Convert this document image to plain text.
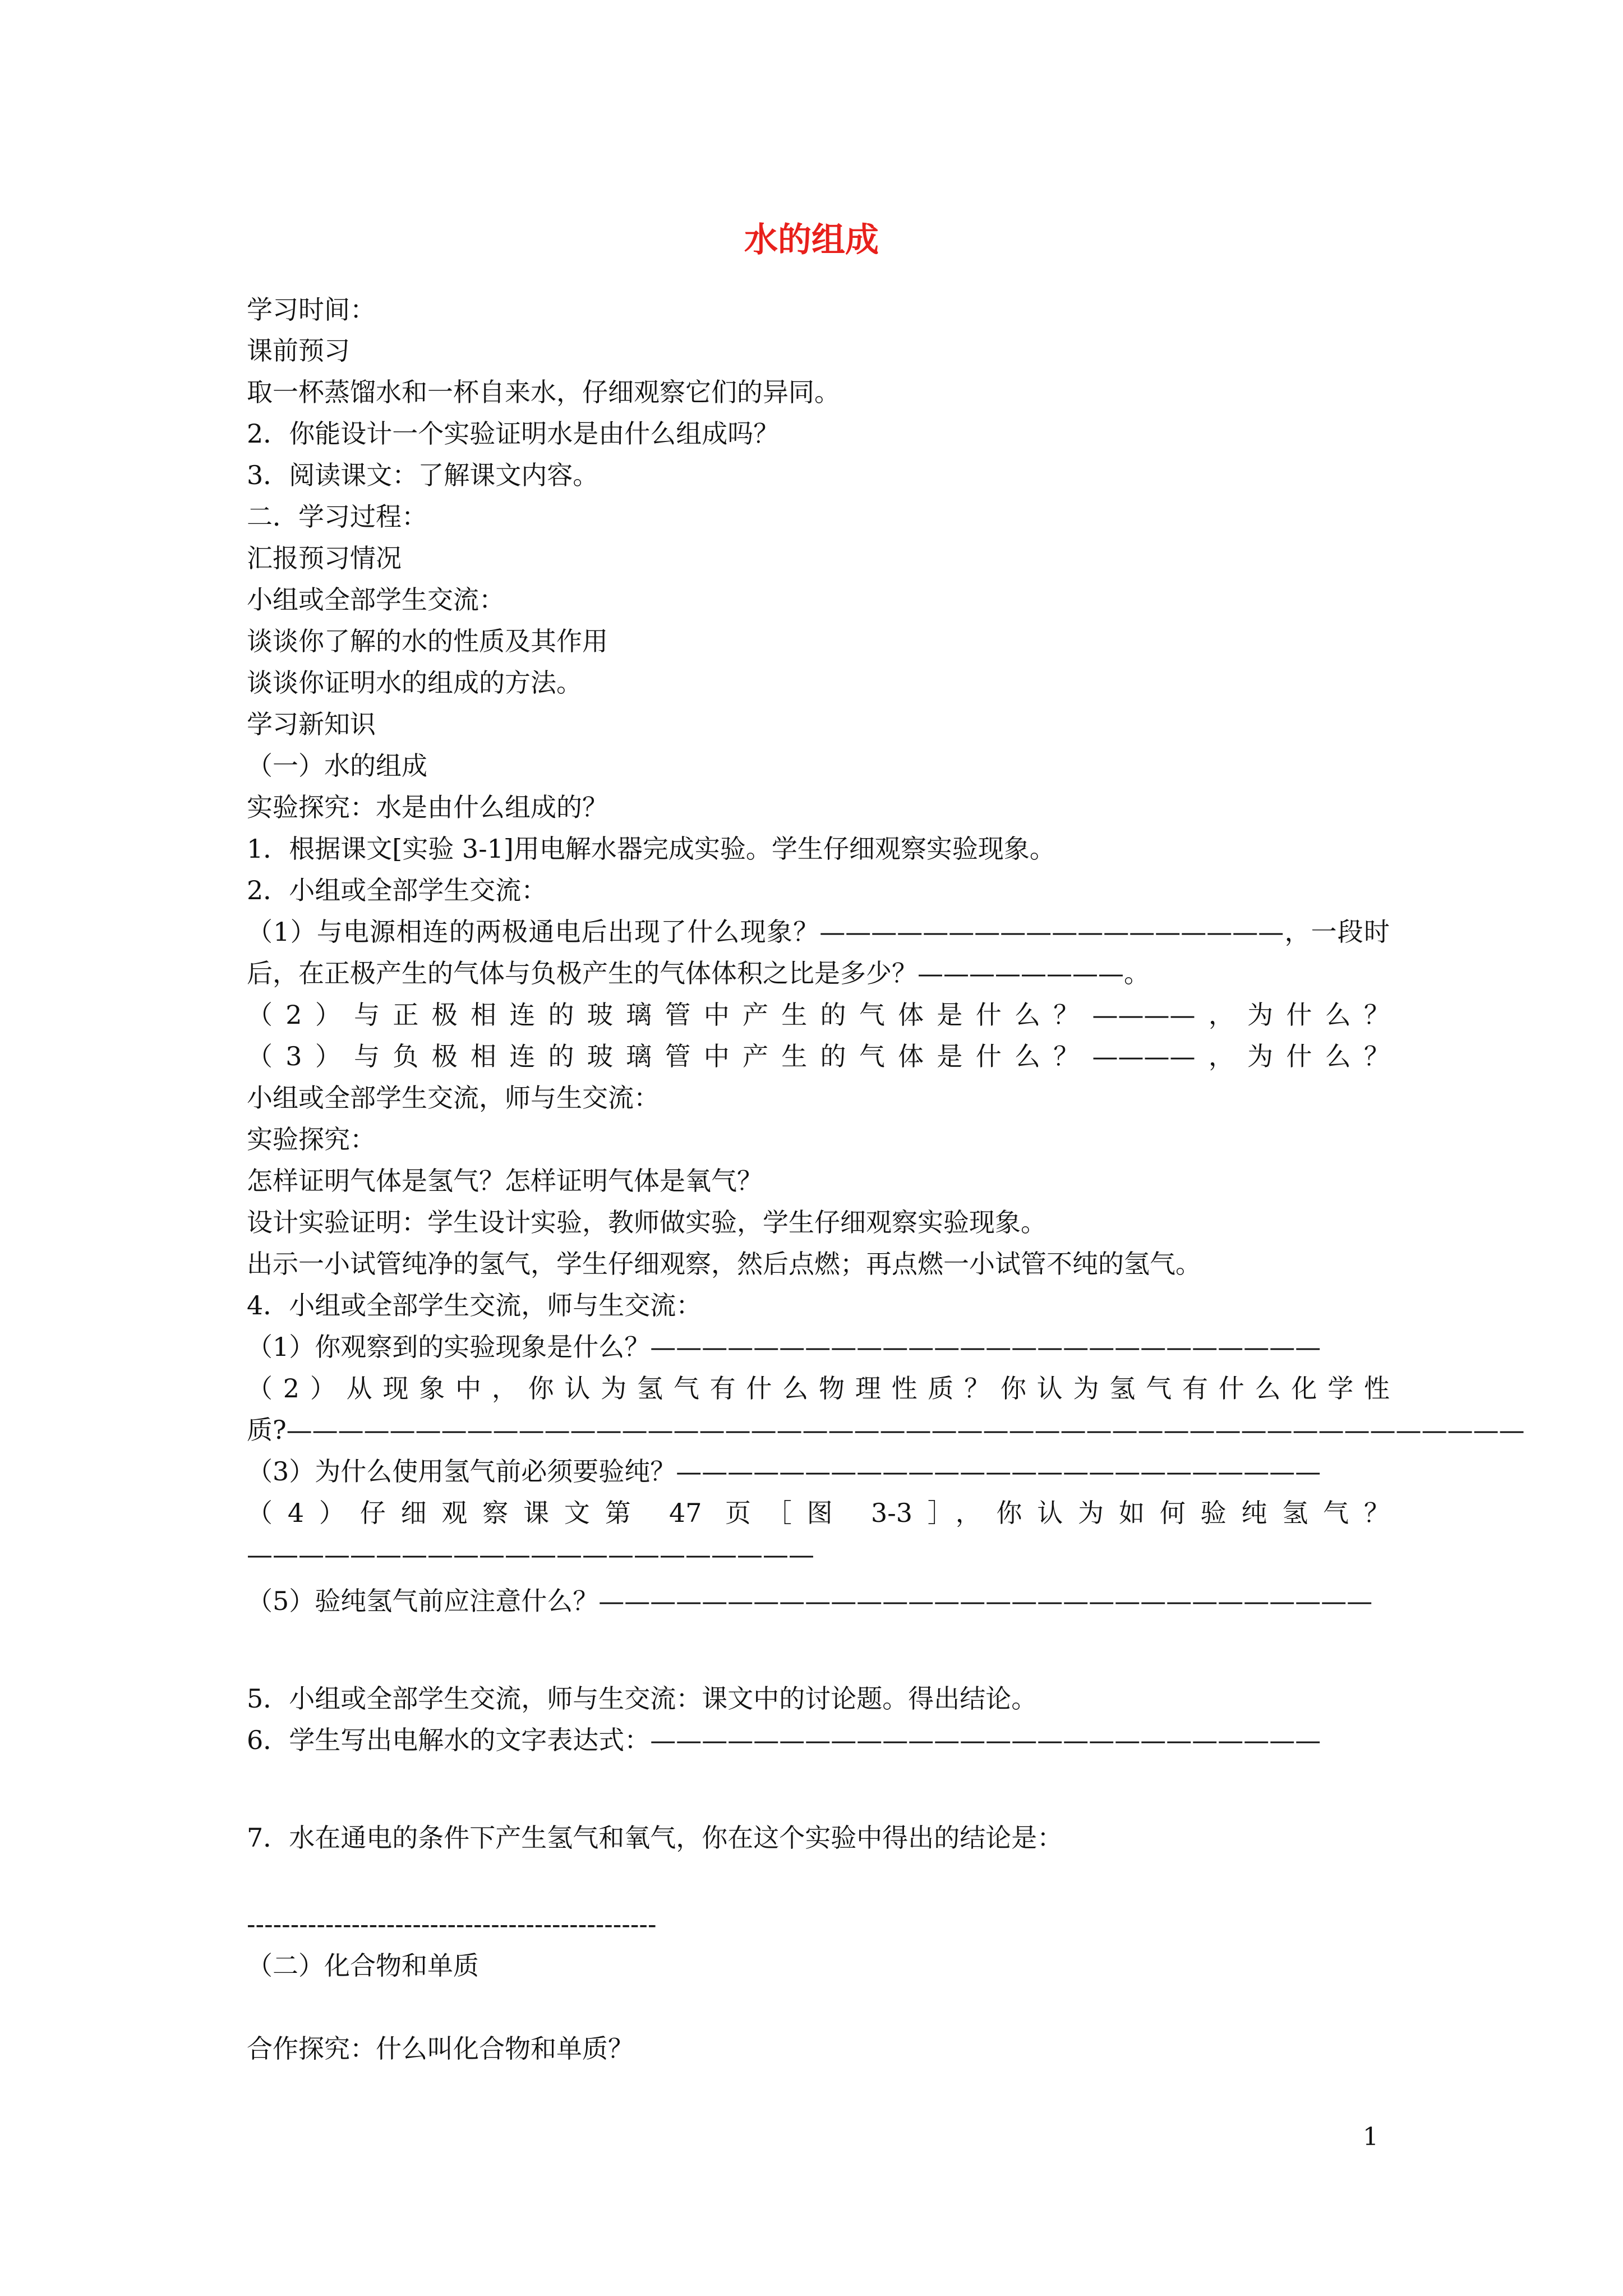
水的组成
学习时间：
课前预习
取一杯蒸馏水和一杯自来水，仔细观察它们的异同。
2．你能设计一个实验证明水是由什么组成吗？
3．阅读课文：了解课文内容。
二．学习过程：
汇报预习情况
小组或全部学生交流：
谈谈你了解的水的性质及其作用
谈谈你证明水的组成的方法。
学习新知识
（一）水的组成
实验探究：水是由什么组成的？
1．根据课文[实验 3-1]用电解水器完成实验。学生仔细观察实验现象。
2．小组或全部学生交流：
（1）与电源相连的两极通电后出现了什么现象？——————————————————，一段时
后，在正极产生的气体与负极产生的气体体积之比是多少？————————。
（2）与正极相连的玻璃管中产生的气体是什么？————，为什么？
（3）与负极相连的玻璃管中产生的气体是什么？————，为什么？
小组或全部学生交流，师与生交流：
实验探究：
怎样证明气体是氢气？怎样证明气体是氧气？
设计实验证明：学生设计实验，教师做实验，学生仔细观察实验现象。
出示一小试管纯净的氢气，学生仔细观察，然后点燃；再点燃一小试管不纯的氢气。
4．小组或全部学生交流，师与生交流：
（1）你观察到的实验现象是什么？——————————————————————————
（2）从现象中，你认为氢气有什么物理性质？你认为氢气有什么化学性
质?————————————————————————————————————————————————
（3）为什么使用氢气前必须要验纯？—————————————————————————
（4）仔细观察课文第 47 页［图 3-3］，你认为如何验纯氢气？
——————————————————————
（5）验纯氢气前应注意什么？——————————————————————————————
5．小组或全部学生交流，师与生交流：课文中的讨论题。得出结论。
6．学生写出电解水的文字表达式：——————————————————————————
7．水在通电的条件下产生氢气和氧气，你在这个实验中得出的结论是：
-----------------------------------------------
（二）化合物和单质
合作探究：什么叫化合物和单质？
1
